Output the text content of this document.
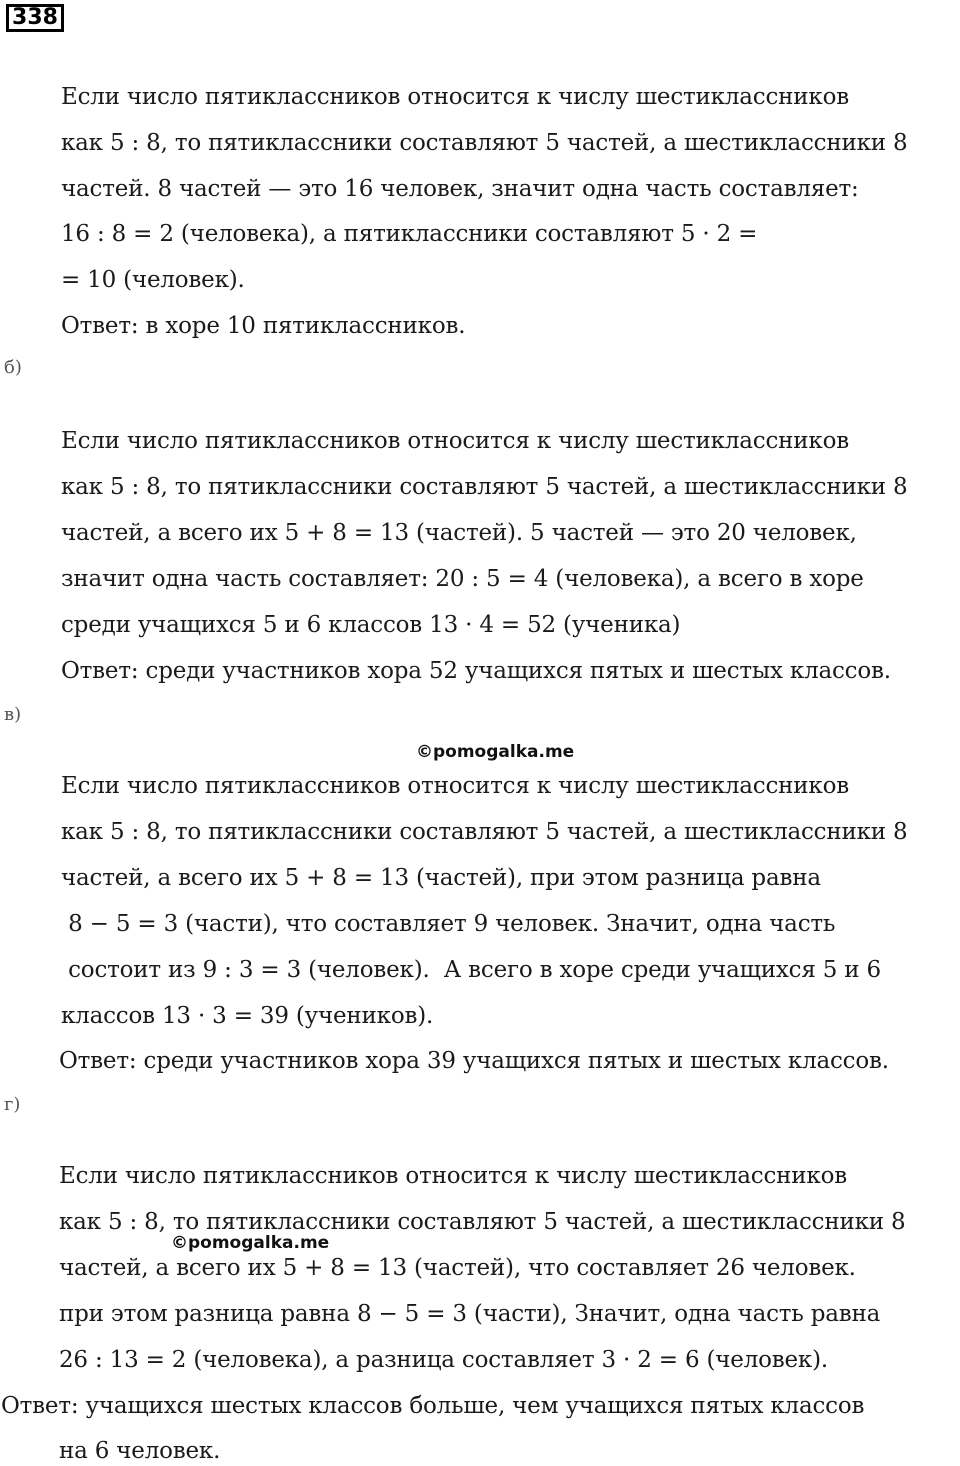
338
Если число пятиклассников относится к числу шестиклассников
как 5 : 8, то пятиклассники составляют 5 частей, а шестиклассники 8
частей. 8 частей — это 16 человек, значит одна часть составляет:
16 : 8 = 2 (человека), а пятиклассники составляют 5 · 2 =
= 10 (человек).
Ответ: в хоре 10 пятиклассников.
б)
Если число пятиклассников относится к числу шестиклассников
как 5 : 8, то пятиклассники составляют 5 частей, а шестиклассники 8
частей, а всего их 5 + 8 = 13 (частей). 5 частей — это 20 человек,
значит одна часть составляет: 20 : 5 = 4 (человека), а всего в хоре
среди учащихся 5 и 6 классов 13 · 4 = 52 (ученика)
Ответ: среди участников хора 52 учащихся пятых и шестых классов.
в)
©pomogalka.me
Если число пятиклассников относится к числу шестиклассников
как 5 : 8, то пятиклассники составляют 5 частей, а шестиклассники 8
частей, а всего их 5 + 8 = 13 (частей), при этом разница равна
8 − 5 = 3 (части), что составляет 9 человек. Значит, одна часть
состоит из 9 : 3 = 3 (человек).  А всего в хоре среди учащихся 5 и 6
классов 13 · 3 = 39 (учеников).
Ответ: среди участников хора 39 учащихся пятых и шестых классов.
г)
Если число пятиклассников относится к числу шестиклассников
как 5 : 8, то пятиклассники составляют 5 частей, а шестиклассники 8
©pomogalka.me
частей, а всего их 5 + 8 = 13 (частей), что составляет 26 человек.
при этом разница равна 8 − 5 = 3 (части), Значит, одна часть равна
26 : 13 = 2 (человека), а разница составляет 3 · 2 = 6 (человек).
Ответ: учащихся шестых классов больше, чем учащихся пятых классов
на 6 человек.
